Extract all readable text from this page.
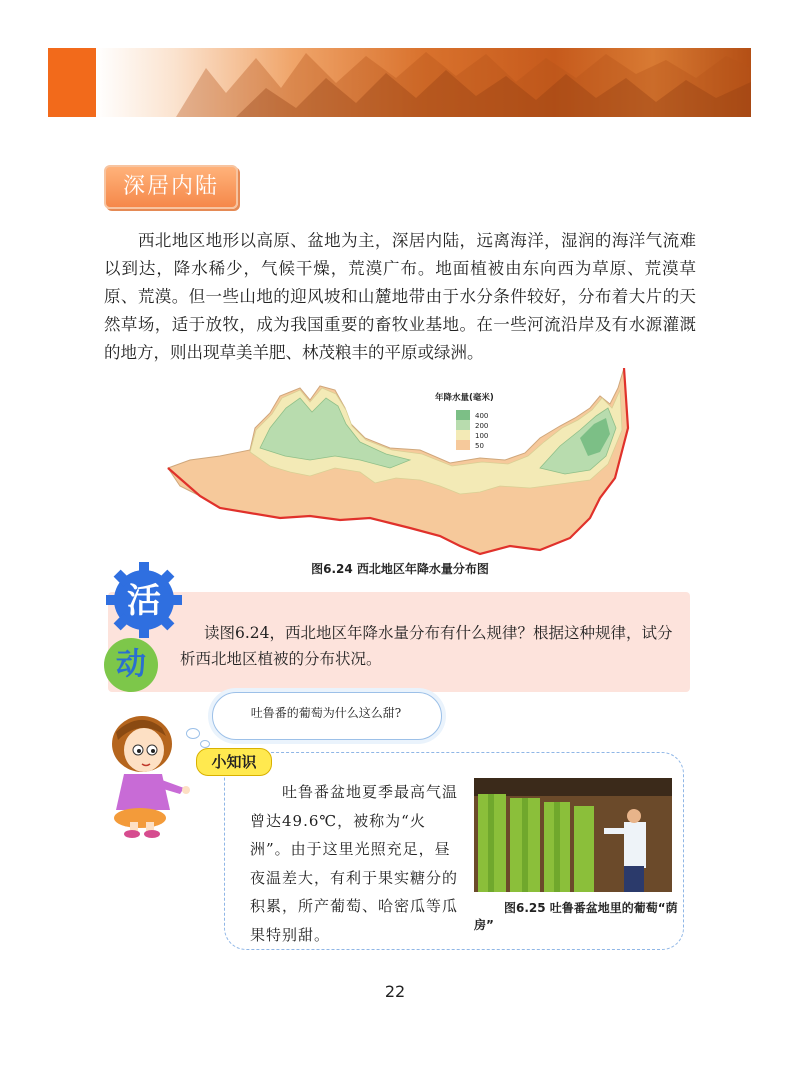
深居内陆

西北地区地形以高原、盆地为主，深居内陆，远离海洋，湿润的海洋气流难以到达，降水稀少，气候干燥，荒漠广布。地面植被由东向西为草原、荒漠草原、荒漠。但一些山地的迎风坡和山麓地带由于水分条件较好，分布着大片的天然草场，适于放牧，成为我国重要的畜牧业基地。在一些河流沿岸及有水源灌溉的地方，则出现草美羊肥、林茂粮丰的平原或绿洲。

年降水量(毫米)
400
200
100
50
图6.24 西北地区年降水量分布图
活
动

读图6.24，西北地区年降水量分布有什么规律？根据这种规律，试分析西北地区植被的分布状况。

吐鲁番的葡萄为什么这么甜?
小知识

吐鲁番盆地夏季最高气温曾达49.6℃，被称为“火洲”。由于这里光照充足，昼夜温差大，有利于果实糖分的积累，所产葡萄、哈密瓜等瓜果特别甜。

图6.25 吐鲁番盆地里的葡萄“荫房”

22
